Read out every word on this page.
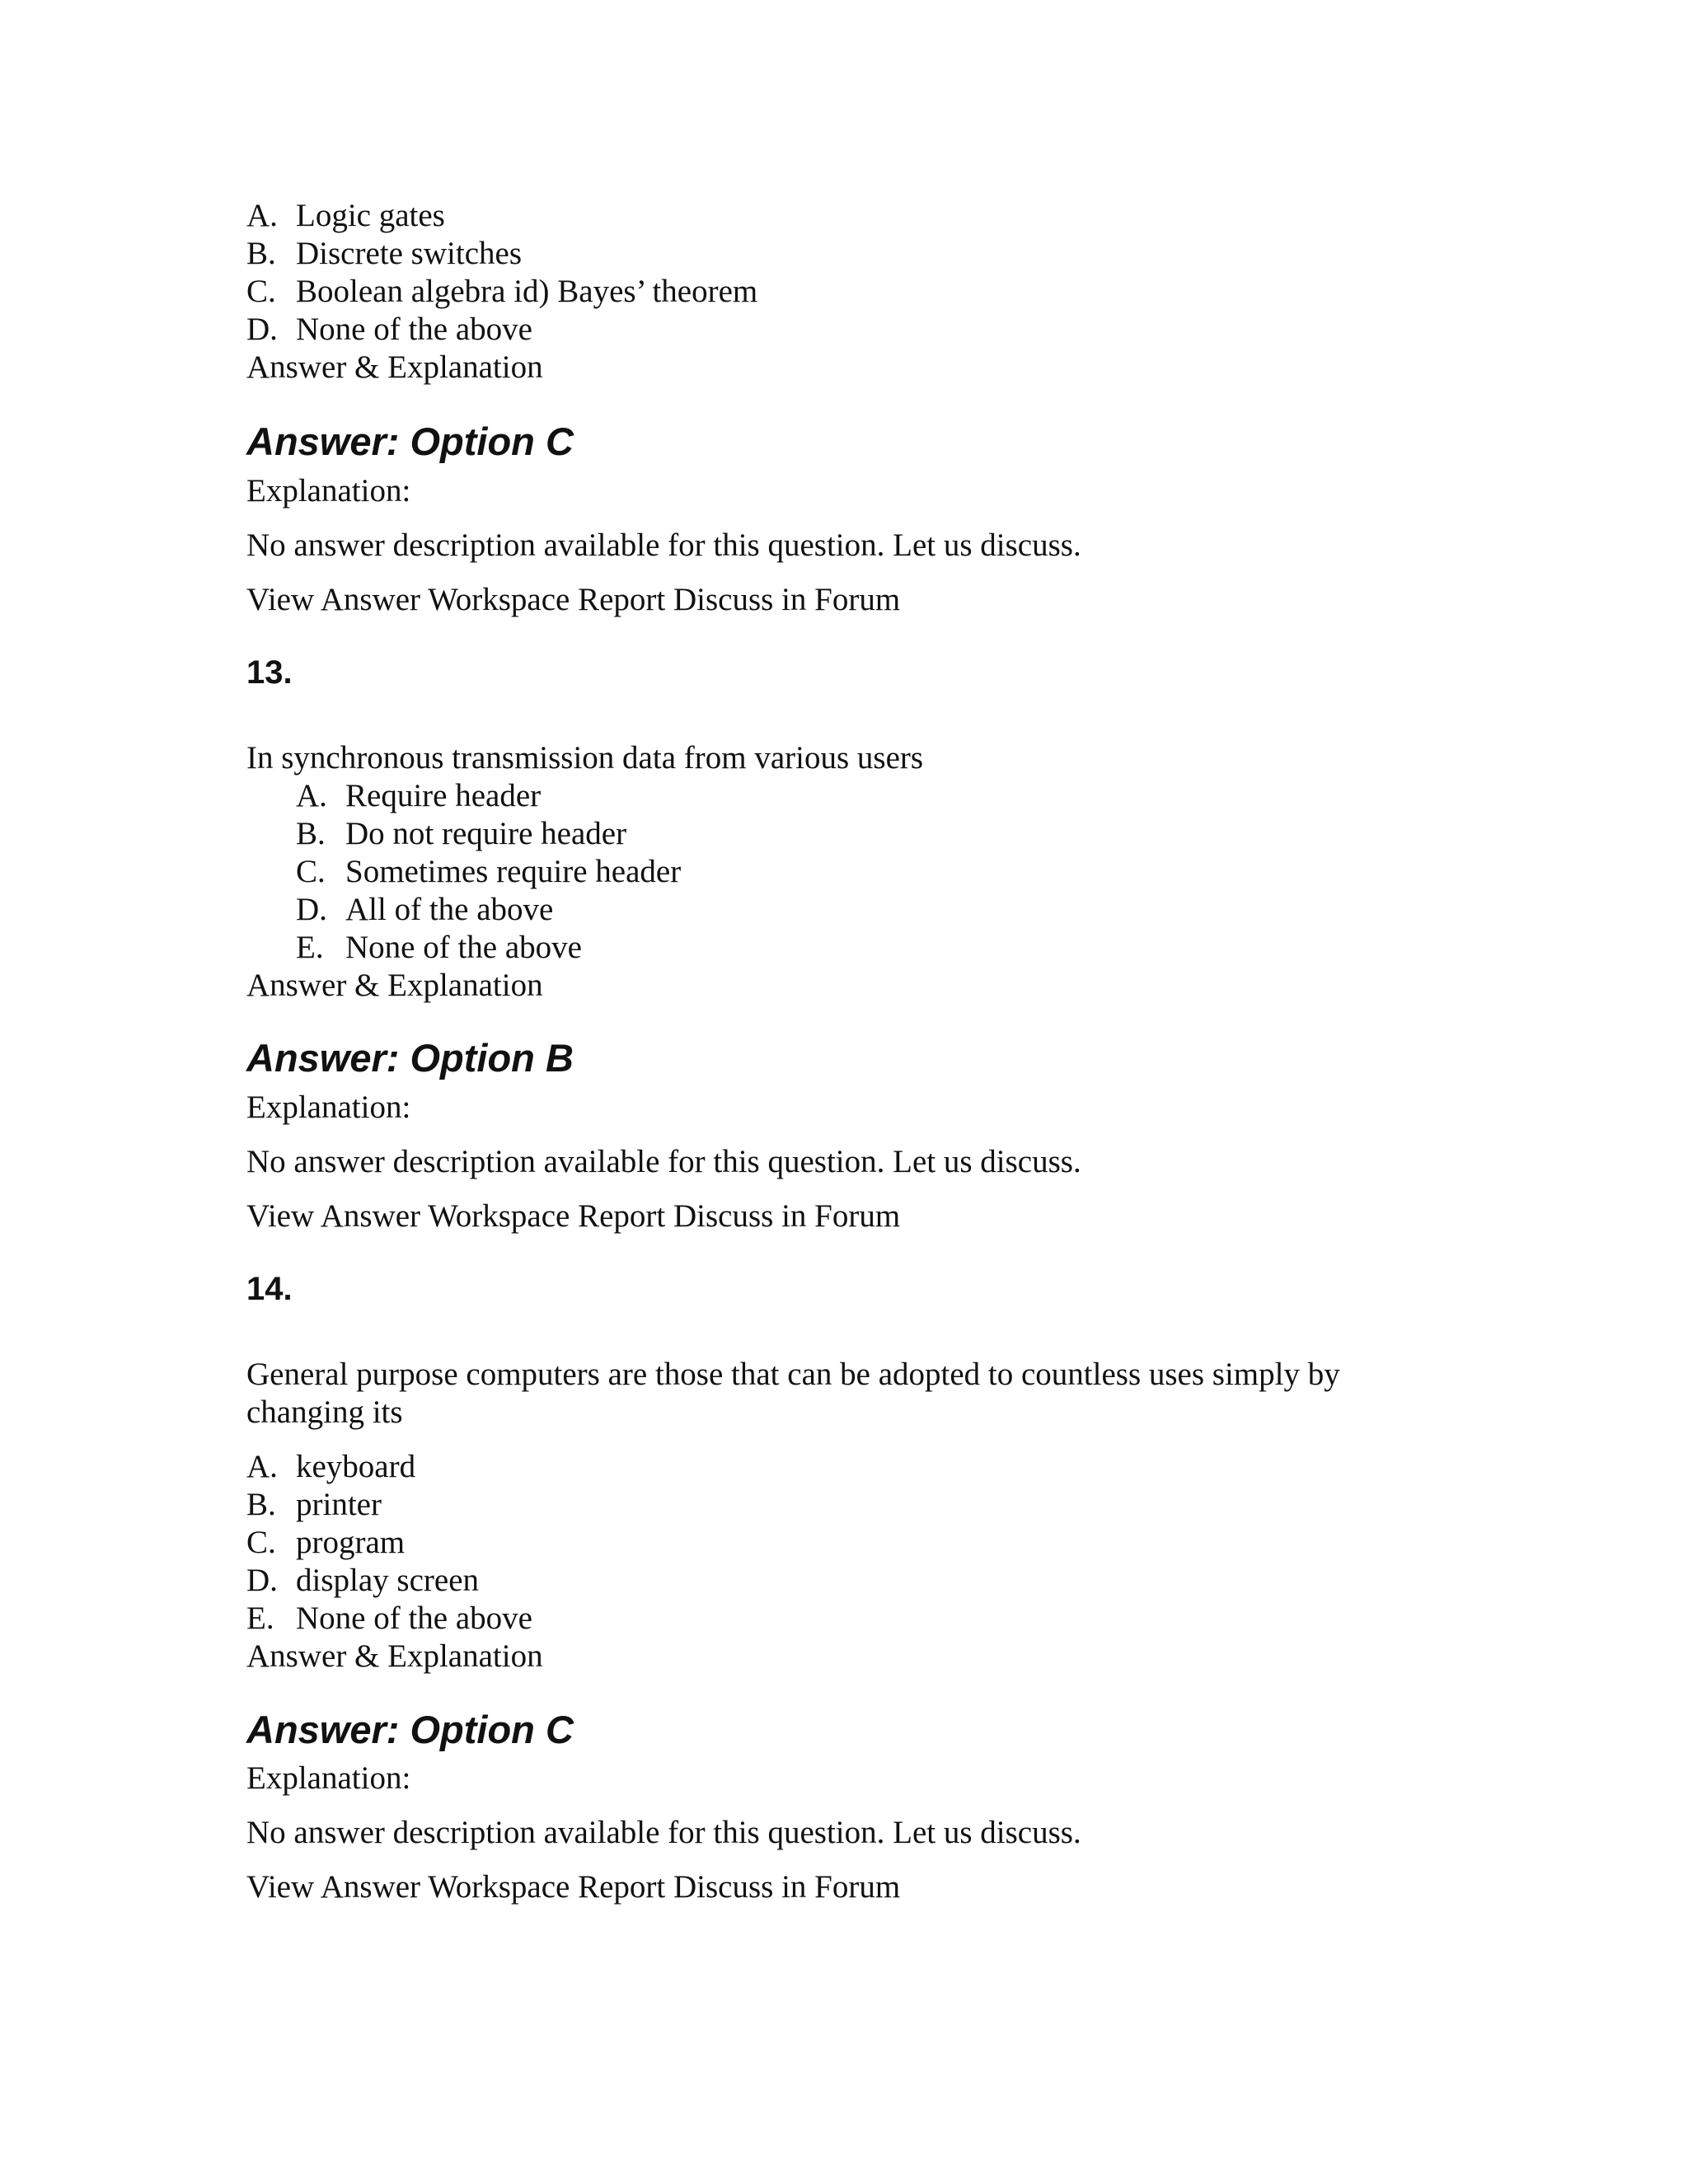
A. Logic gates
B. Discrete switches
C. Boolean algebra id) Bayes’ theorem
D. None of the above
Answer & Explanation
Answer: Option C
Explanation:
No answer description available for this question. Let us discuss.
View Answer Workspace Report Discuss in Forum
13.
In synchronous transmission data from various users
A. Require header
B. Do not require header
C. Sometimes require header
D. All of the above
E. None of the above
Answer & Explanation
Answer: Option B
Explanation:
No answer description available for this question. Let us discuss.
View Answer Workspace Report Discuss in Forum
14.
General purpose computers are those that can be adopted to countless uses simply by
changing its
A. keyboard
B. printer
C. program
D. display screen
E. None of the above
Answer & Explanation
Answer: Option C
Explanation:
No answer description available for this question. Let us discuss.
View Answer Workspace Report Discuss in Forum
